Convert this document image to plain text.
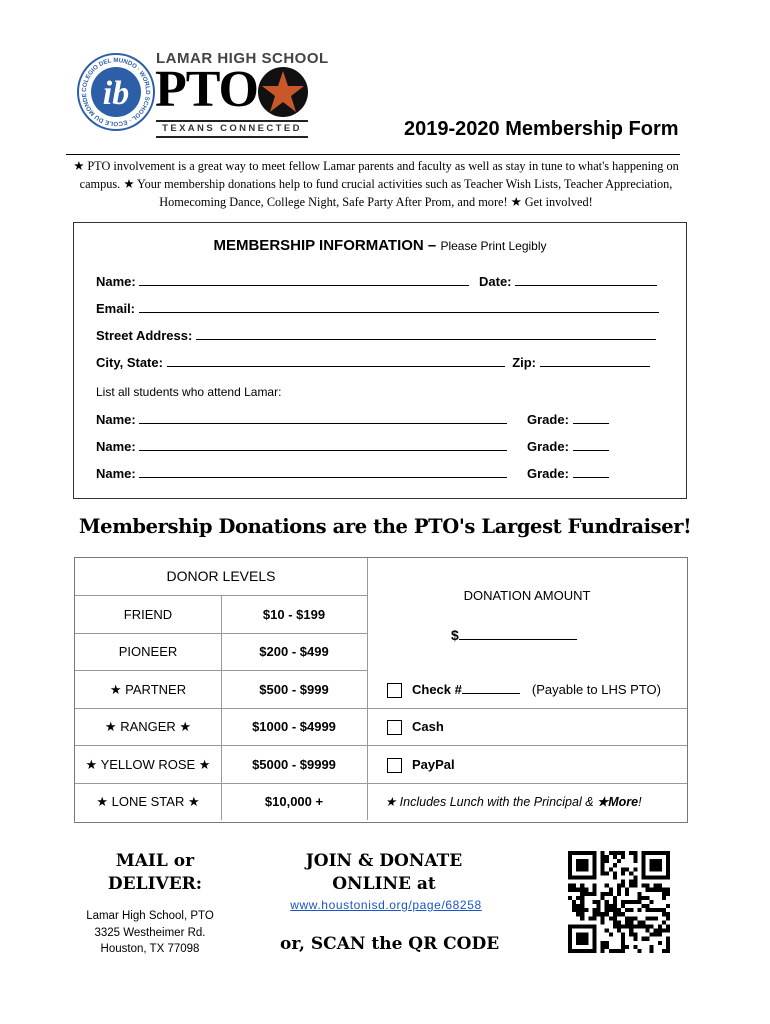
COLEGIO DEL MUNDO · WORLD SCHOOL · ECOLE DU MONDE ib
LAMAR HIGH SCHOOL
PTO
TEXANS CONNECTED	2019-2020 Membership Form
★ PTO involvement is a great way to meet fellow Lamar parents and faculty as well as stay in tune to what's happening on campus. ★ Your membership donations help to fund crucial activities such as Teacher Wish Lists, Teacher Appreciation, Homecoming Dance, College Night, Safe Party After Prom, and more! ★ Get involved!
MEMBERSHIP INFORMATION – Please Print Legibly
Name:	Date:
Email:
Street Address:
City, State:	Zip:
List all students who attend Lamar:
Name:	Grade:
Name:	Grade:
Name:	Grade:
Membership Donations are the PTO's Largest Fundraiser!
DONOR LEVELS
FRIEND	$10 - $199
PIONEER	$200 - $499
★ PARTNER	$500 - $999
★ RANGER ★	$1000 - $4999
★ YELLOW ROSE ★	$5000 - $9999
★ LONE STAR ★	$10,000 +
DONATION AMOUNT
$
Check #	(Payable to LHS PTO)
Cash
PayPal
★ Includes Lunch with the Principal & ★More!
MAIL or
DELIVER:
Lamar High School, PTO
3325 Westheimer Rd.
Houston, TX 77098
JOIN & DONATE
ONLINE at
www.houstonisd.org/page/68258
or, SCAN the QR CODE
